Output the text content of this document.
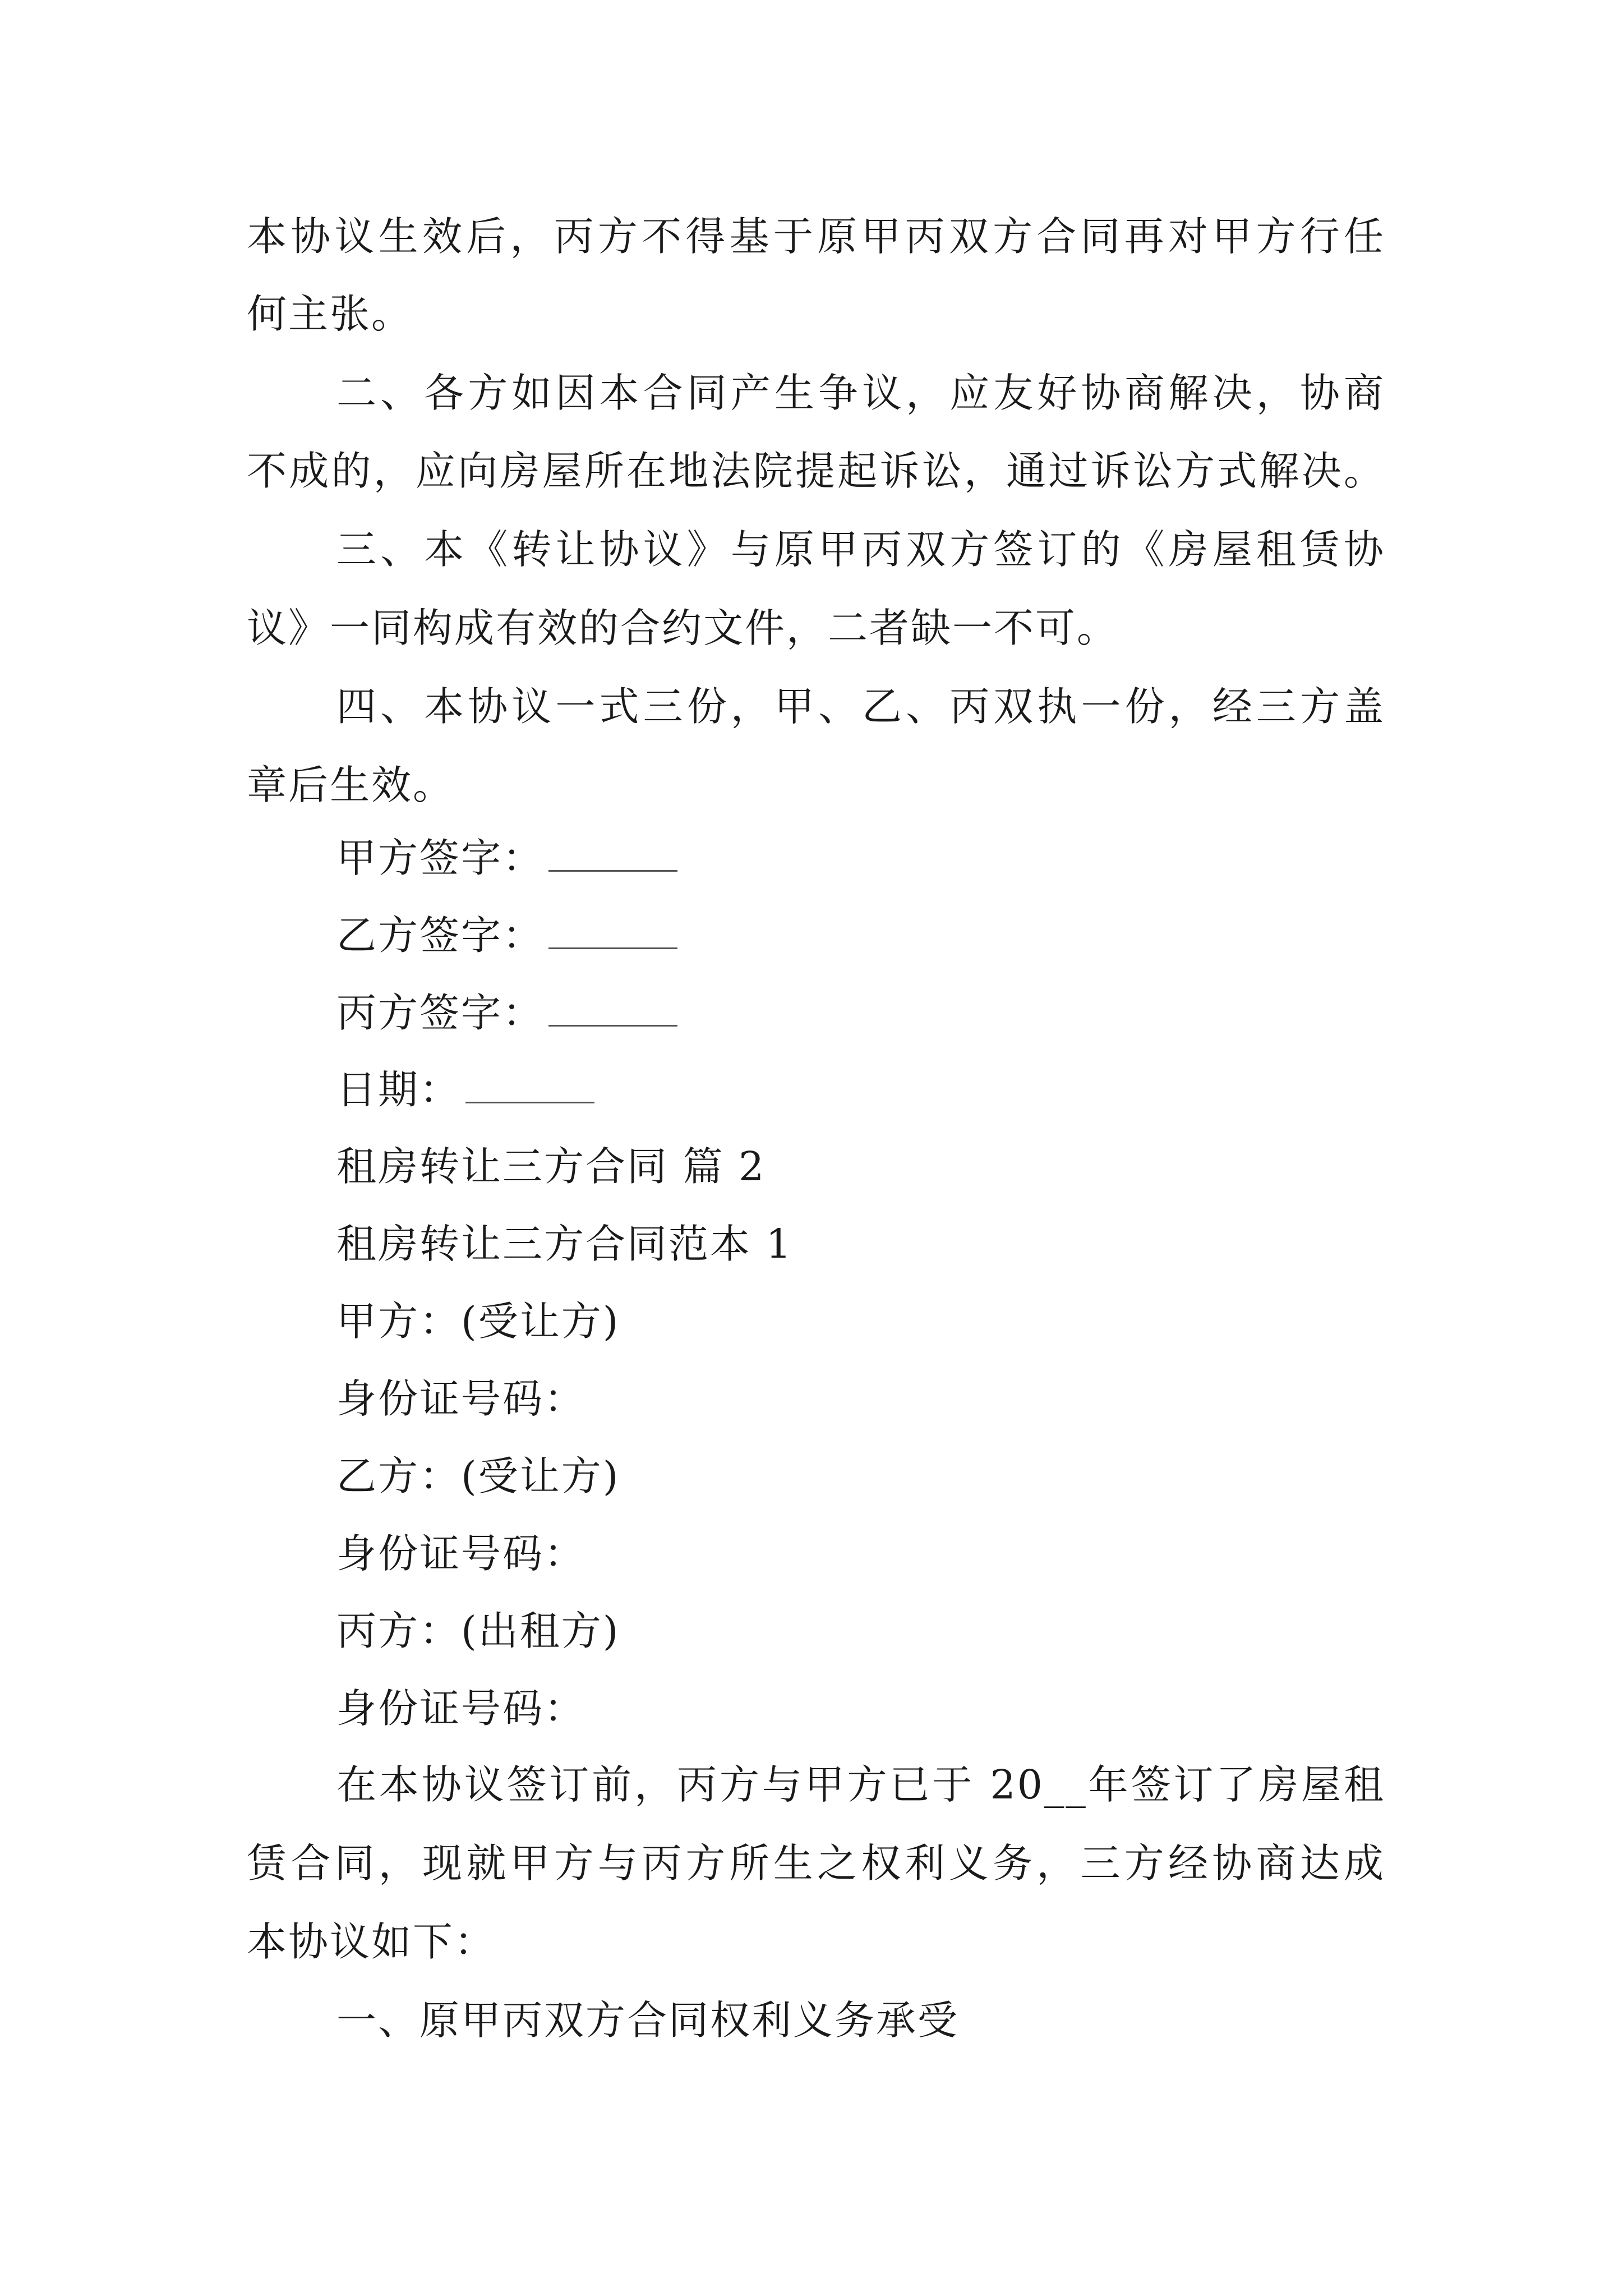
本协议生效后，丙方不得基于原甲丙双方合同再对甲方行任
何主张。
二、各方如因本合同产生争议，应友好协商解决，协商
不成的，应向房屋所在地法院提起诉讼，通过诉讼方式解决。
三、本《转让协议》与原甲丙双方签订的《房屋租赁协
议》一同构成有效的合约文件，二者缺一不可。
四、本协议一式三份，甲、乙、丙双执一份，经三方盖
章后生效。
甲方签字：
乙方签字：
丙方签字：
日期：
租房转让三方合同 篇 2
租房转让三方合同范本 1
甲方：(受让方)
身份证号码：
乙方：(受让方)
身份证号码：
丙方：(出租方)
身份证号码：
在本协议签订前，丙方与甲方已于 20__年签订了房屋租
赁合同，现就甲方与丙方所生之权利义务，三方经协商达成
本协议如下：
一、原甲丙双方合同权利义务承受
